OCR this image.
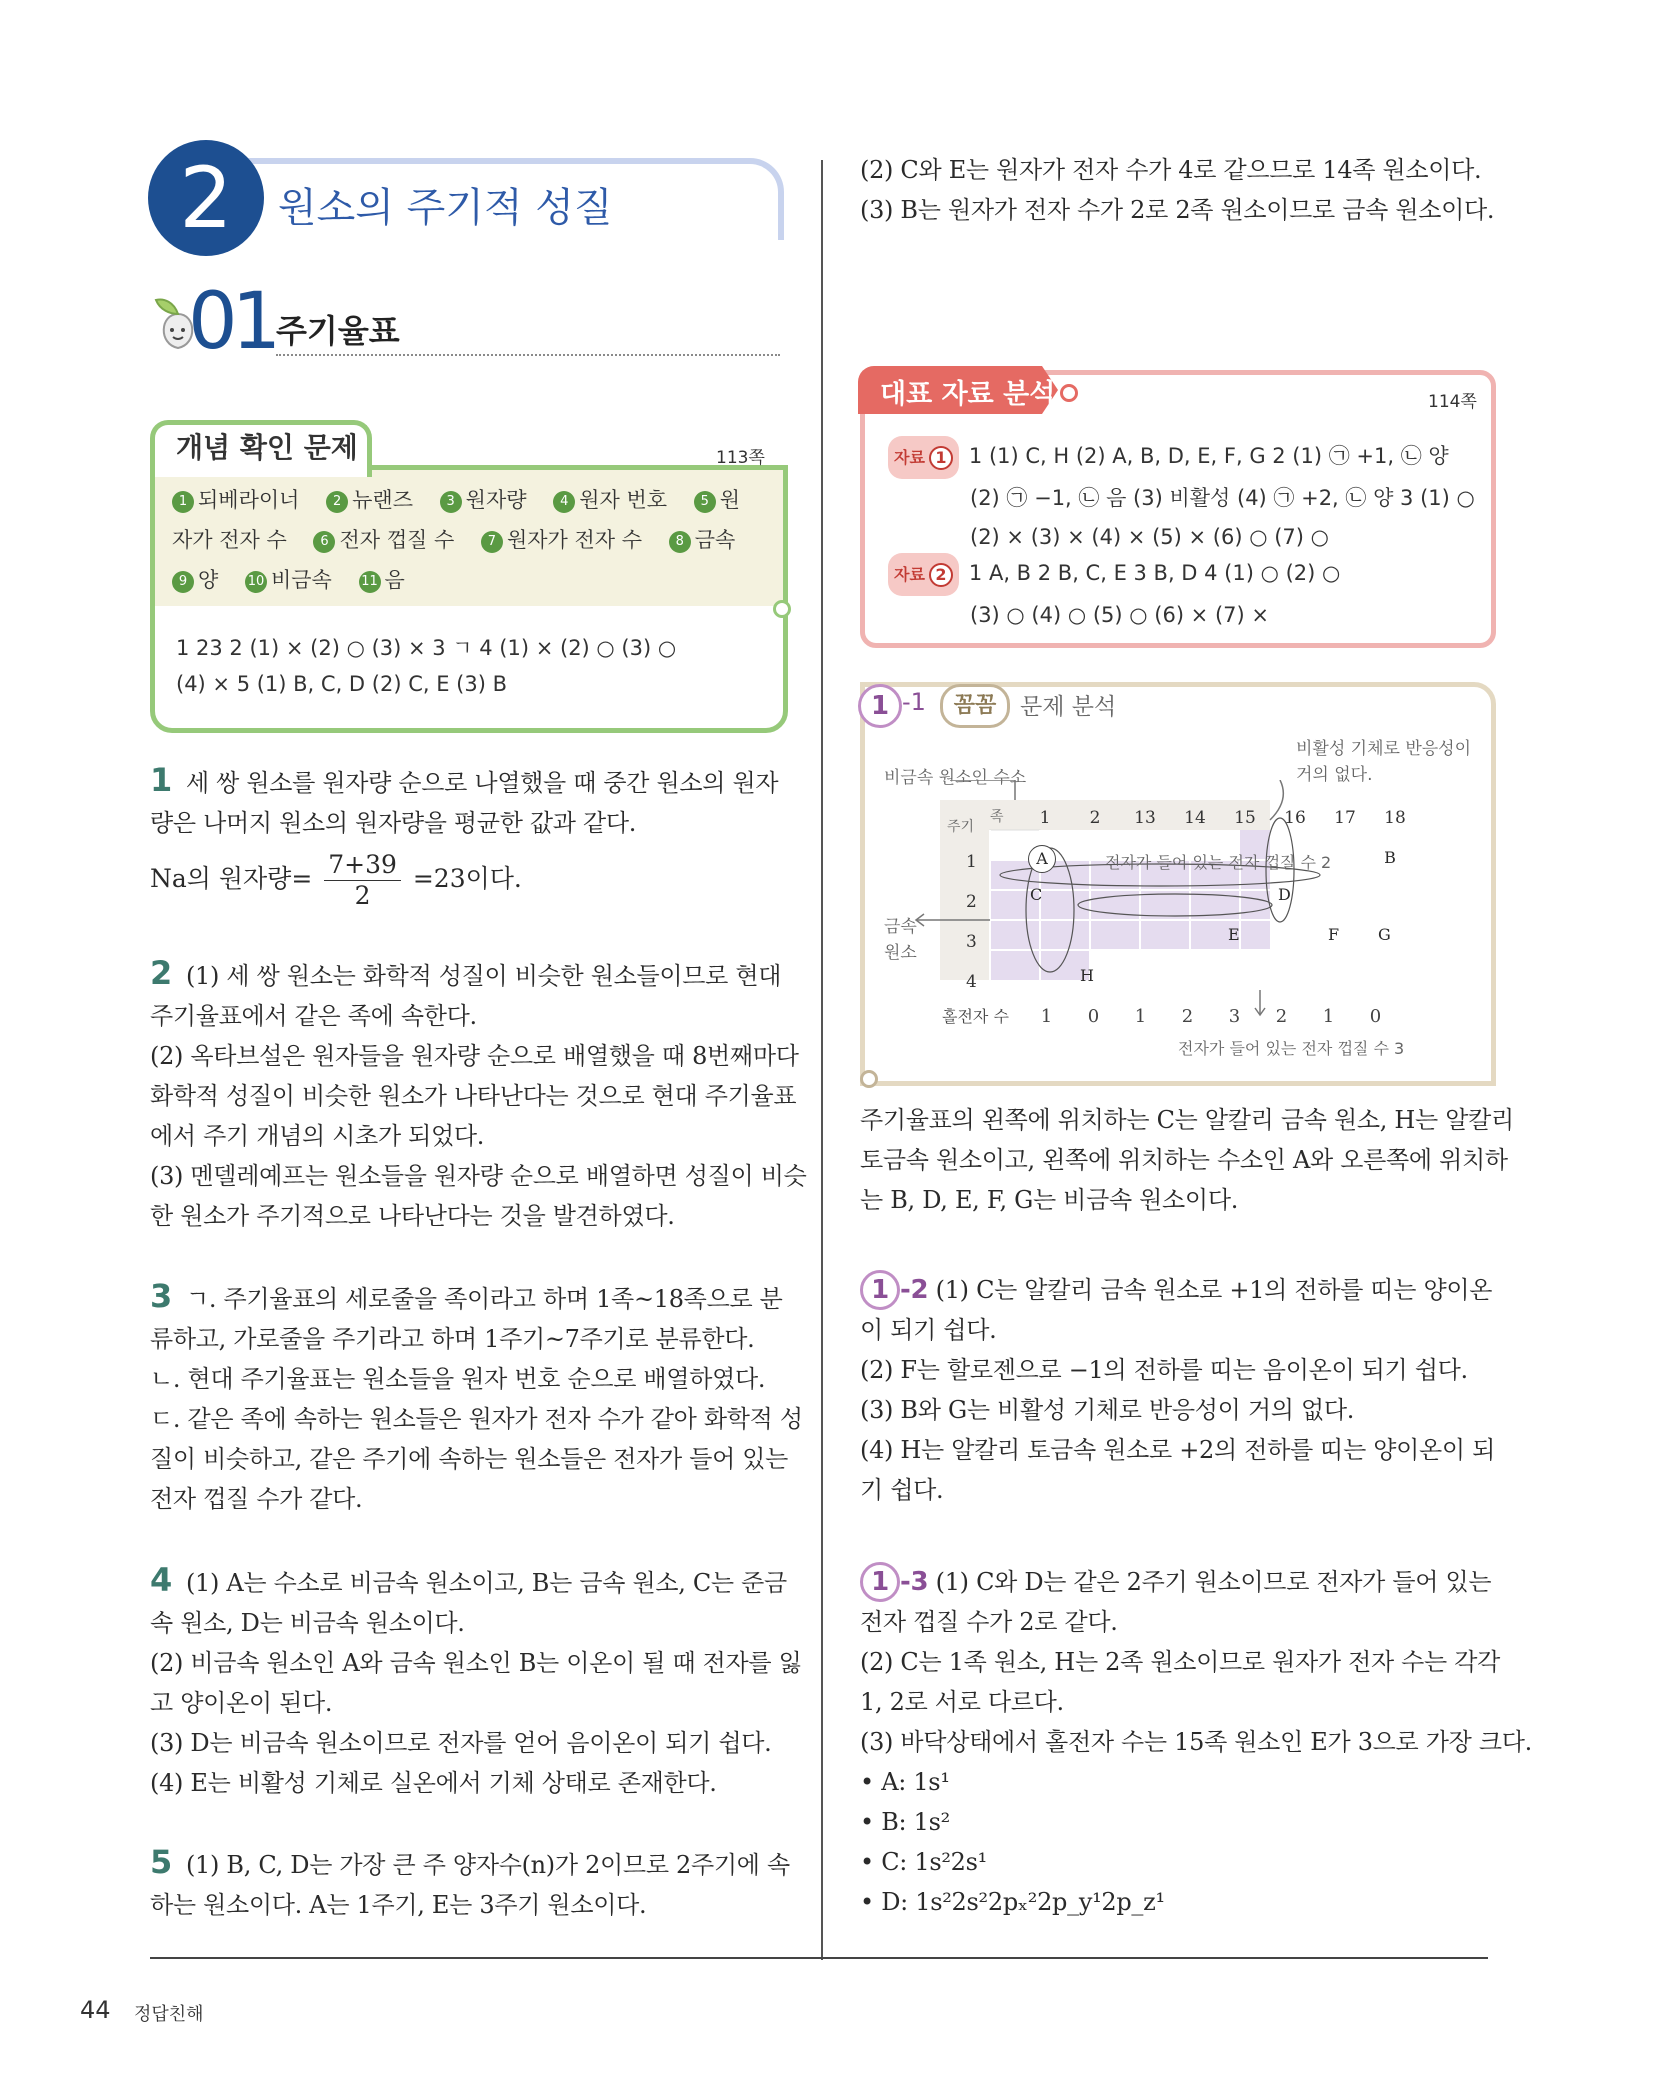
2	원소의 주기적 성질
01 주기율표
개념 확인 문제	113쪽
1 되베라이너	2 뉴랜즈	3 원자량	4 원자 번호	5 원
자가 전자 수	6 전자 껍질 수	7 원자가 전자 수	8 금속
9 양 10 비금속 11 음
1 23 2 (1) × (2) ○ (3) × 3 ㄱ 4 (1) × (2) ○ (3) ○
(4) × 5 (1) B, C, D (2) C, E (3) B
1 세 쌍 원소를 원자량 순으로 나열했을 때 중간 원소의 원자
량은 나머지 원소의 원자량을 평균한 값과 같다.
Na의 원자량= $\frac{7+39}{2} =23$이다.
2 (1) 세 쌍 원소는 화학적 성질이 비슷한 원소들이므로 현대
주기율표에서 같은 족에 속한다.
(2) 옥타브설은 원자들을 원자량 순으로 배열했을 때 8번째마다
화학적 성질이 비슷한 원소가 나타난다는 것으로 현대 주기율표
에서 주기 개념의 시초가 되었다.
(3) 멘델레예프는 원소들을 원자량 순으로 배열하면 성질이 비슷
한 원소가 주기적으로 나타난다는 것을 발견하였다.
3 ㄱ. 주기율표의 세로줄을 족이라고 하며 1족~18족으로 분
류하고, 가로줄을 주기라고 하며 1주기~7주기로 분류한다.
ㄴ. 현대 주기율표는 원소들을 원자 번호 순으로 배열하였다.
ㄷ. 같은 족에 속하는 원소들은 원자가 전자 수가 같아 화학적 성
질이 비슷하고, 같은 주기에 속하는 원소들은 전자가 들어 있는
전자 껍질 수가 같다.
4 (1) A는 수소로 비금속 원소이고, B는 금속 원소, C는 준금
속 원소, D는 비금속 원소이다.
(2) 비금속 원소인 A와 금속 원소인 B는 이온이 될 때 전자를 잃
고 양이온이 된다.
(3) D는 비금속 원소이므로 전자를 얻어 음이온이 되기 쉽다.
(4) E는 비활성 기체로 실온에서 기체 상태로 존재한다.
5 (1) B, C, D는 가장 큰 주 양자수(n)가 2이므로 2주기에 속
하는 원소이다. A는 1주기, E는 3주기 원소이다.
(2) C와 E는 원자가 전자 수가 4로 같으므로 14족 원소이다.
(3) B는 원자가 전자 수가 2로 2족 원소이므로 금속 원소이다.
대표 자료 분석	114쪽
자료 1 1 (1) C, H (2) A, B, D, E, F, G 2 (1) ㉠ +1, ㉡ 양
(2) ㉠ −1, ㉡ 음 (3) 비활성 (4) ㉠ +2, ㉡ 양 3 (1) ○
(2) × (3) × (4) × (5) × (6) ○ (7) ○
자료 2 1 A, B 2 B, C, E 3 B, D 4 (1) ○ (2) ○
(3) ○ (4) ○ (5) ○ (6) × (7) ×
1 -1	꼼꼼	문제 분석
비금속 원소인 수소
비활성 기체로 반응성이
거의 없다.
금속
원소
주기
족	1 2 13 14 15 16 17 18
1
2
3
4
A	B
C	D
E	F G
H
전자가 들어 있는 전자 껍질 수 2
홀전자 수 1 0 1 2 3 2 1 0
전자가 들어 있는 전자 껍질 수 3
주기율표의 왼쪽에 위치하는 C는 알칼리 금속 원소, H는 알칼리
토금속 원소이고, 왼쪽에 위치하는 수소인 A와 오른쪽에 위치하
는 B, D, E, F, G는 비금속 원소이다.
1 -2 (1) C는 알칼리 금속 원소로 +1의 전하를 띠는 양이온
이 되기 쉽다.
(2) F는 할로젠으로 −1의 전하를 띠는 음이온이 되기 쉽다.
(3) B와 G는 비활성 기체로 반응성이 거의 없다.
(4) H는 알칼리 토금속 원소로 +2의 전하를 띠는 양이온이 되
기 쉽다.
1 -3 (1) C와 D는 같은 2주기 원소이므로 전자가 들어 있는
전자 껍질 수가 2로 같다.
(2) C는 1족 원소, H는 2족 원소이므로 원자가 전자 수는 각각
1, 2로 서로 다르다.
(3) 바닥상태에서 홀전자 수는 15족 원소인 E가 3으로 가장 크다.
• A: 1s¹
• B: 1s²
• C: 1s²2s¹
• D: 1s²2s²2pₓ²2p_y¹2p_z¹
44 정답친해
